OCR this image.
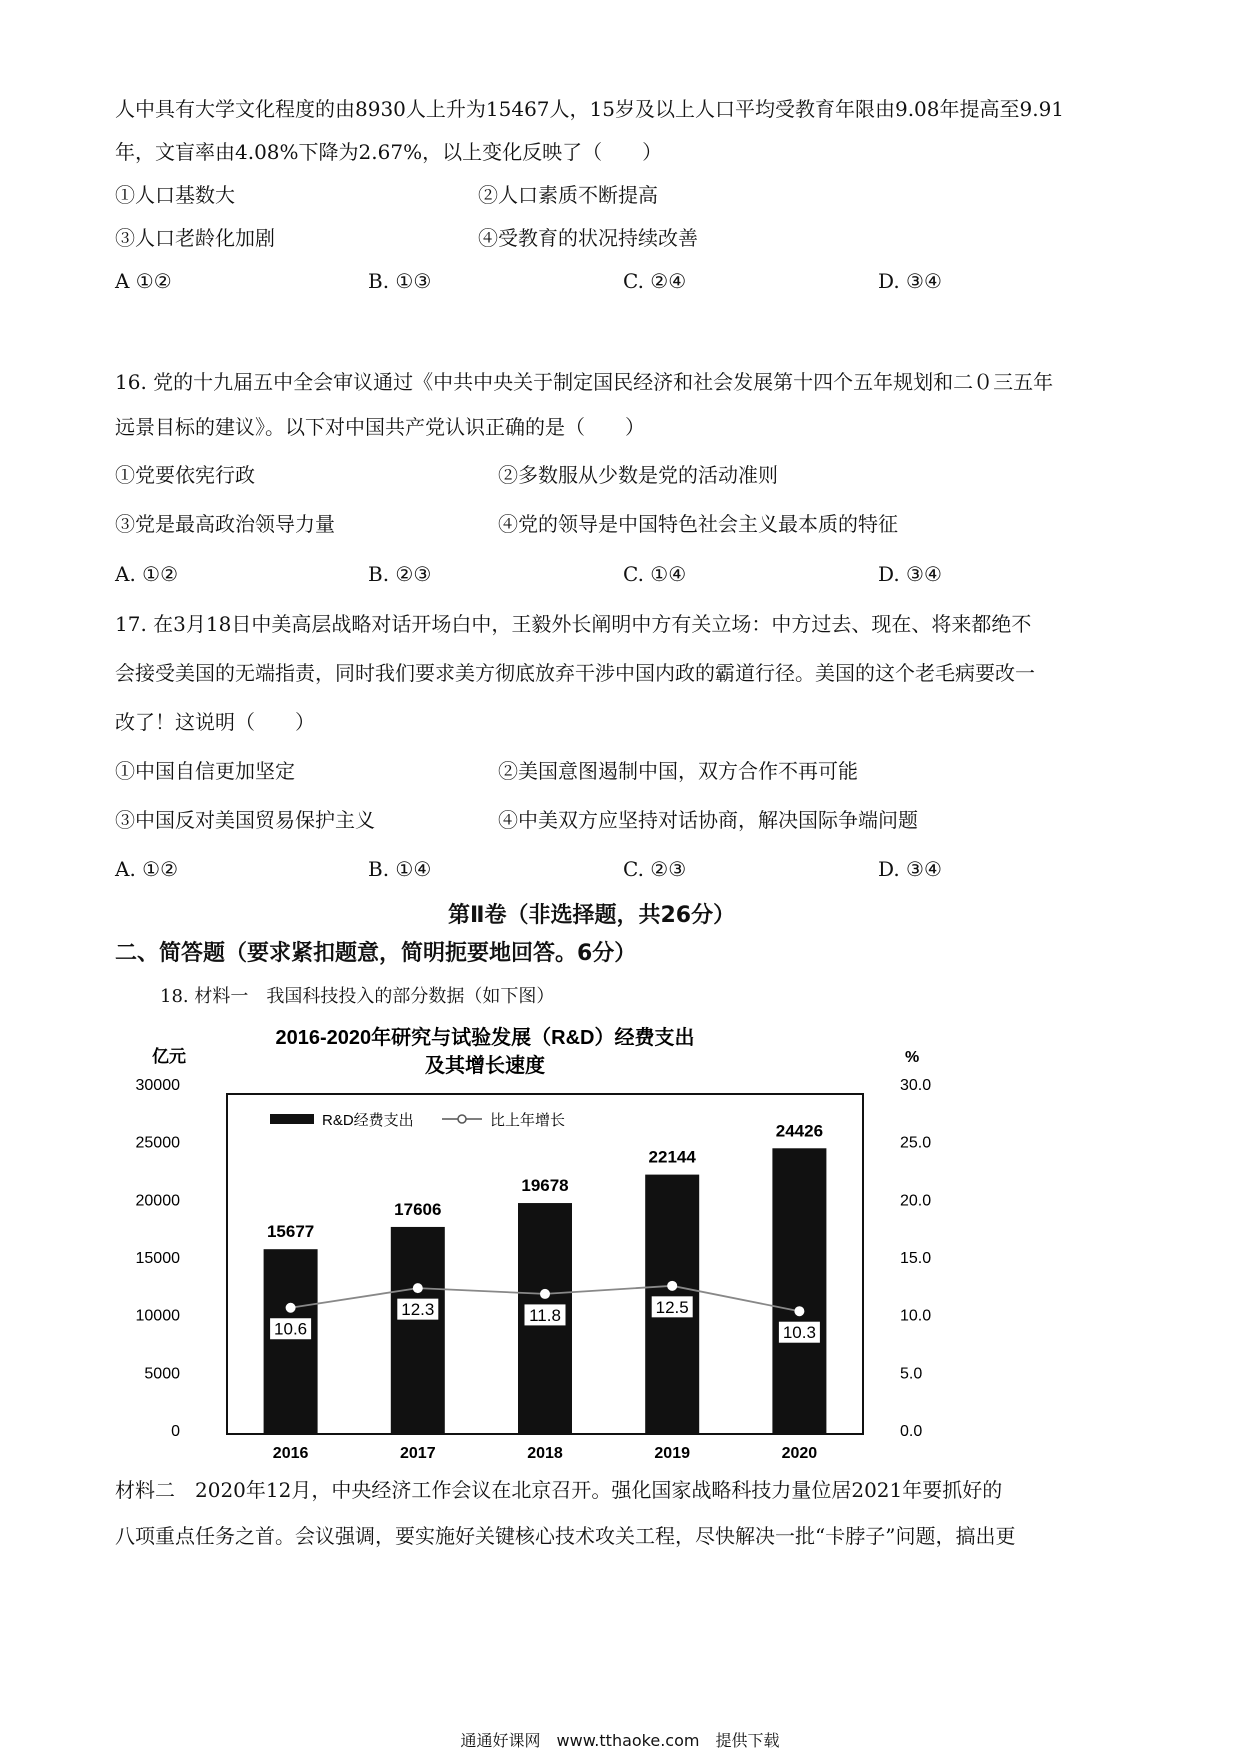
人中具有大学文化程度的由8930人上升为15467人，15岁及以上人口平均受教育年限由9.08年提高至9.91
年，文盲率由4.08%下降为2.67%，以上变化反映了（　　）
①人口基数大	②人口素质不断提高
③人口老龄化加剧	④受教育的状况持续改善
A ①②	B. ①③	C. ②④	D. ③④
16. 党的十九届五中全会审议通过《中共中央关于制定国民经济和社会发展第十四个五年规划和二０三五年
远景目标的建议》。以下对中国共产党认识正确的是（　　）
①党要依宪行政	②多数服从少数是党的活动准则
③党是最高政治领导力量	④党的领导是中国特色社会主义最本质的特征
A. ①②	B. ②③	C. ①④	D. ③④
17. 在3月18日中美高层战略对话开场白中，王毅外长阐明中方有关立场：中方过去、现在、将来都绝不
会接受美国的无端指责，同时我们要求美方彻底放弃干涉中国内政的霸道行径。美国的这个老毛病要改一
改了！这说明（　　）
①中国自信更加坚定	②美国意图遏制中国，双方合作不再可能
③中国反对美国贸易保护主义	④中美双方应坚持对话协商，解决国际争端问题
A. ①②	B. ①④	C. ②③	D. ③④
第Ⅱ卷（非选择题，共26分）
二、简答题（要求紧扣题意，简明扼要地回答。6分）
18. 材料一　我国科技投入的部分数据（如下图）
2016-2020年研究与试验发展（R&D）经费支出
及其增长速度
亿元	%
0
5000
10000
15000
20000
25000
30000
0.0
5.0
10.0
15.0
20.0
25.0
30.0
R&D经费支出	比上年增长
15677
17606
19678
22144
24426
10.6
12.3	11.8	12.5
10.3
2016	2017	2018	2019	2020
材料二　2020年12月，中央经济工作会议在北京召开。强化国家战略科技力量位居2021年要抓好的
八项重点任务之首。会议强调，要实施好关键核心技术攻关工程，尽快解决一批“卡脖子”问题，搞出更
通通好课网　www.tthaoke.com　提供下载
